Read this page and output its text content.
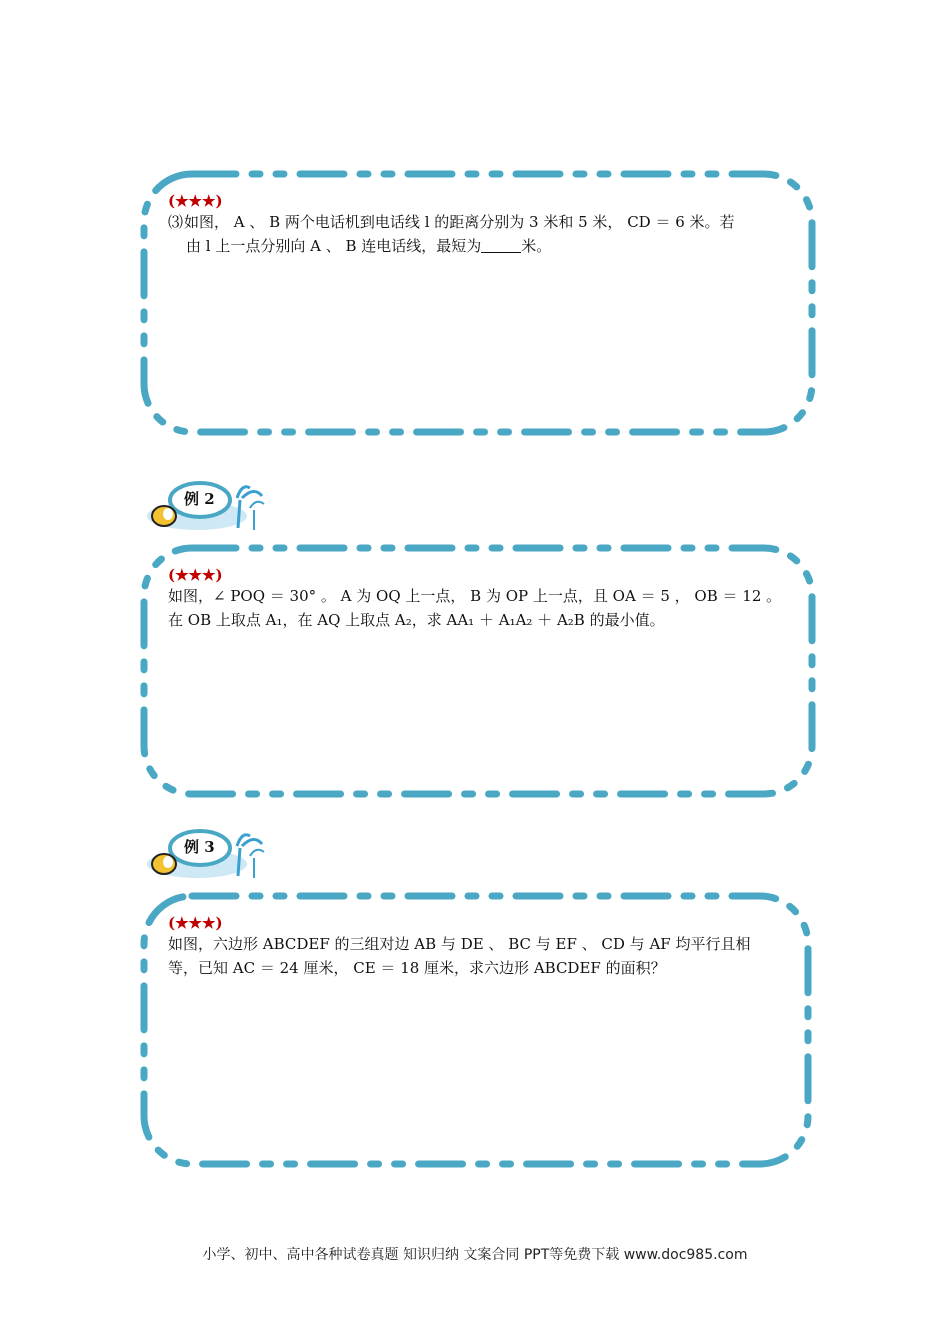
(★★★)
⑶如图， A 、 B 两个电话机到电话线 l 的距离分别为 3 米和 5 米， CD ＝ 6 米。若
由 l 上一点分别向 A 、 B 连电话线，最短为	米。
例 2
(★★★)
如图，∠ POQ ＝ 30° 。 A 为 OQ 上一点， B 为 OP 上一点，且 OA ＝ 5 ， OB ＝ 12 。
在 OB 上取点 A₁，在 AQ 上取点 A₂，求 AA₁ ＋ A₁A₂ ＋ A₂B 的最小值。
例 3
(★★★)
如图，六边形 ABCDEF 的三组对边 AB 与 DE 、 BC 与 EF 、 CD 与 AF 均平行且相
等，已知 AC ＝ 24 厘米， CE ＝ 18 厘米，求六边形 ABCDEF 的面积？
小学、初中、高中各种试卷真题 知识归纳 文案合同 PPT等免费下载 www.doc985.com
